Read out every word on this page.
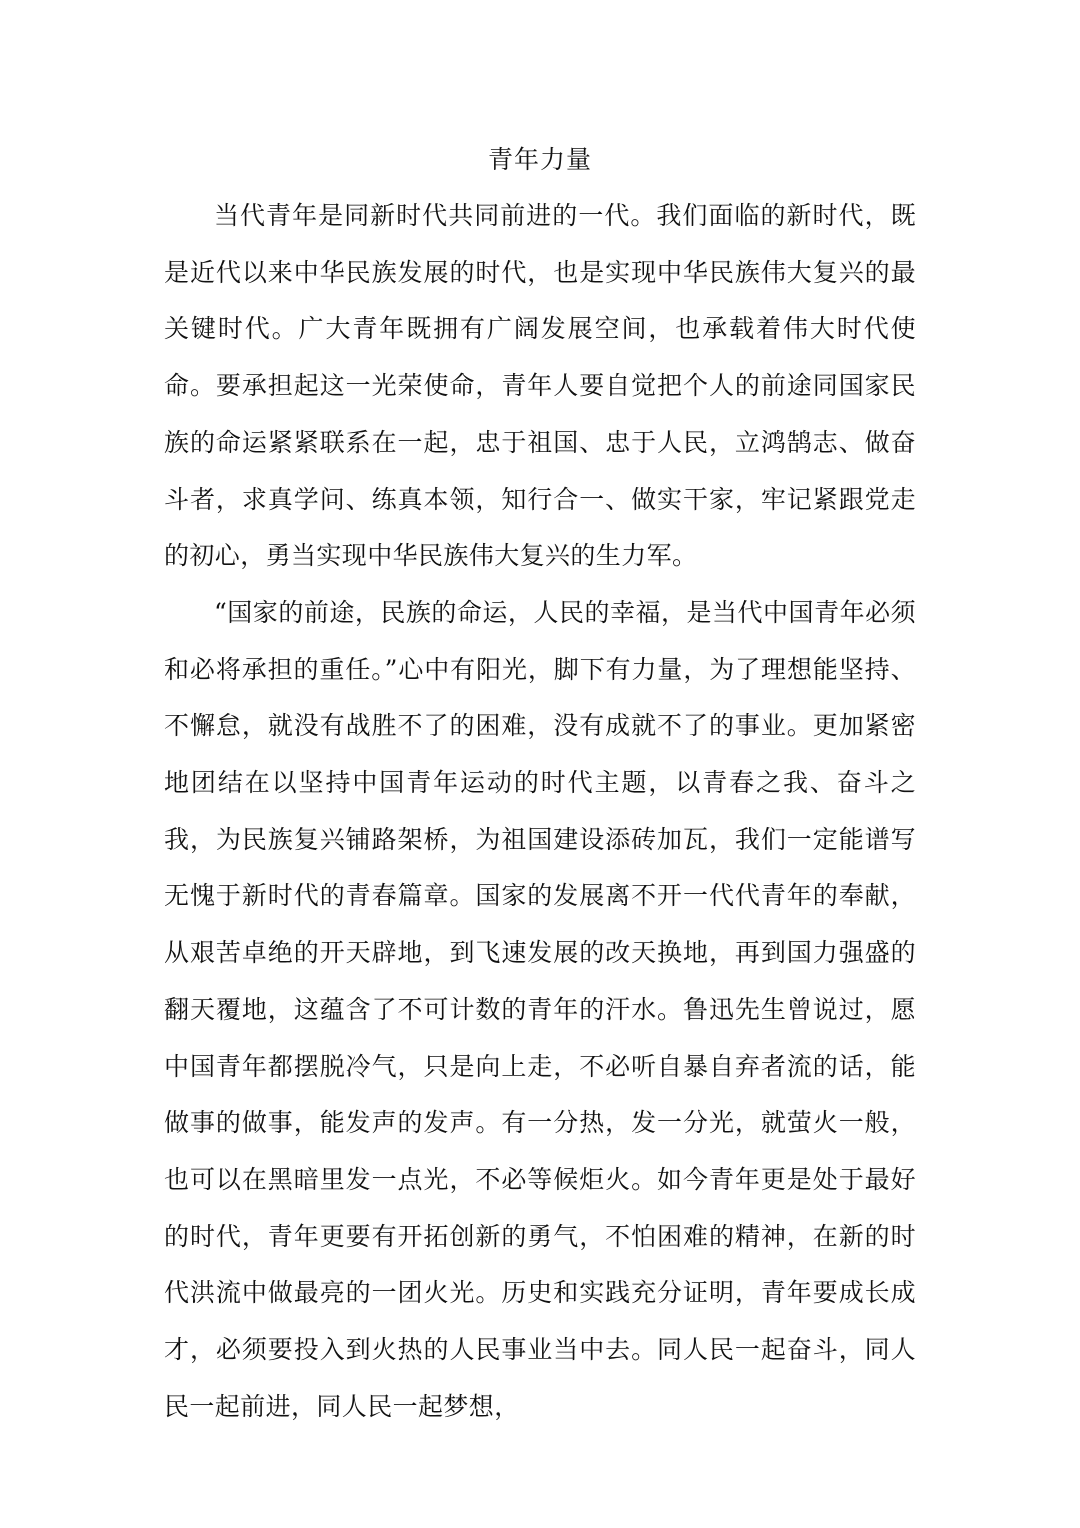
青年力量

当代青年是同新时代共同前进的一代。我们面临的新时代，既是近代以来中华民族发展的时代，也是实现中华民族伟大复兴的最关键时代。广大青年既拥有广阔发展空间，也承载着伟大时代使命。要承担起这一光荣使命，青年人要自觉把个人的前途同国家民族的命运紧紧联系在一起，忠于祖国、忠于人民，立鸿鹄志、做奋斗者，求真学问、练真本领，知行合一、做实干家，牢记紧跟党走的初心，勇当实现中华民族伟大复兴的生力军。

“国家的前途，民族的命运，人民的幸福，是当代中国青年必须和必将承担的重任。”心中有阳光，脚下有力量，为了理想能坚持、不懈怠，就没有战胜不了的困难，没有成就不了的事业。更加紧密地团结在以坚持中国青年运动的时代主题，以青春之我、奋斗之我，为民族复兴铺路架桥，为祖国建设添砖加瓦，我们一定能谱写无愧于新时代的青春篇章。国家的发展离不开一代代青年的奉献，从艰苦卓绝的开天辟地，到飞速发展的改天换地，再到国力强盛的翻天覆地，这蕴含了不可计数的青年的汗水。鲁迅先生曾说过，愿中国青年都摆脱冷气，只是向上走，不必听自暴自弃者流的话，能做事的做事，能发声的发声。有一分热，发一分光，就萤火一般，也可以在黑暗里发一点光，不必等候炬火。如今青年更是处于最好的时代，青年更要有开拓创新的勇气，不怕困难的精神，在新的时代洪流中做最亮的一团火光。历史和实践充分证明，青年要成长成才，必须要投入到火热的人民事业当中去。同人民一起奋斗，同人民一起前进，同人民一起梦想，
